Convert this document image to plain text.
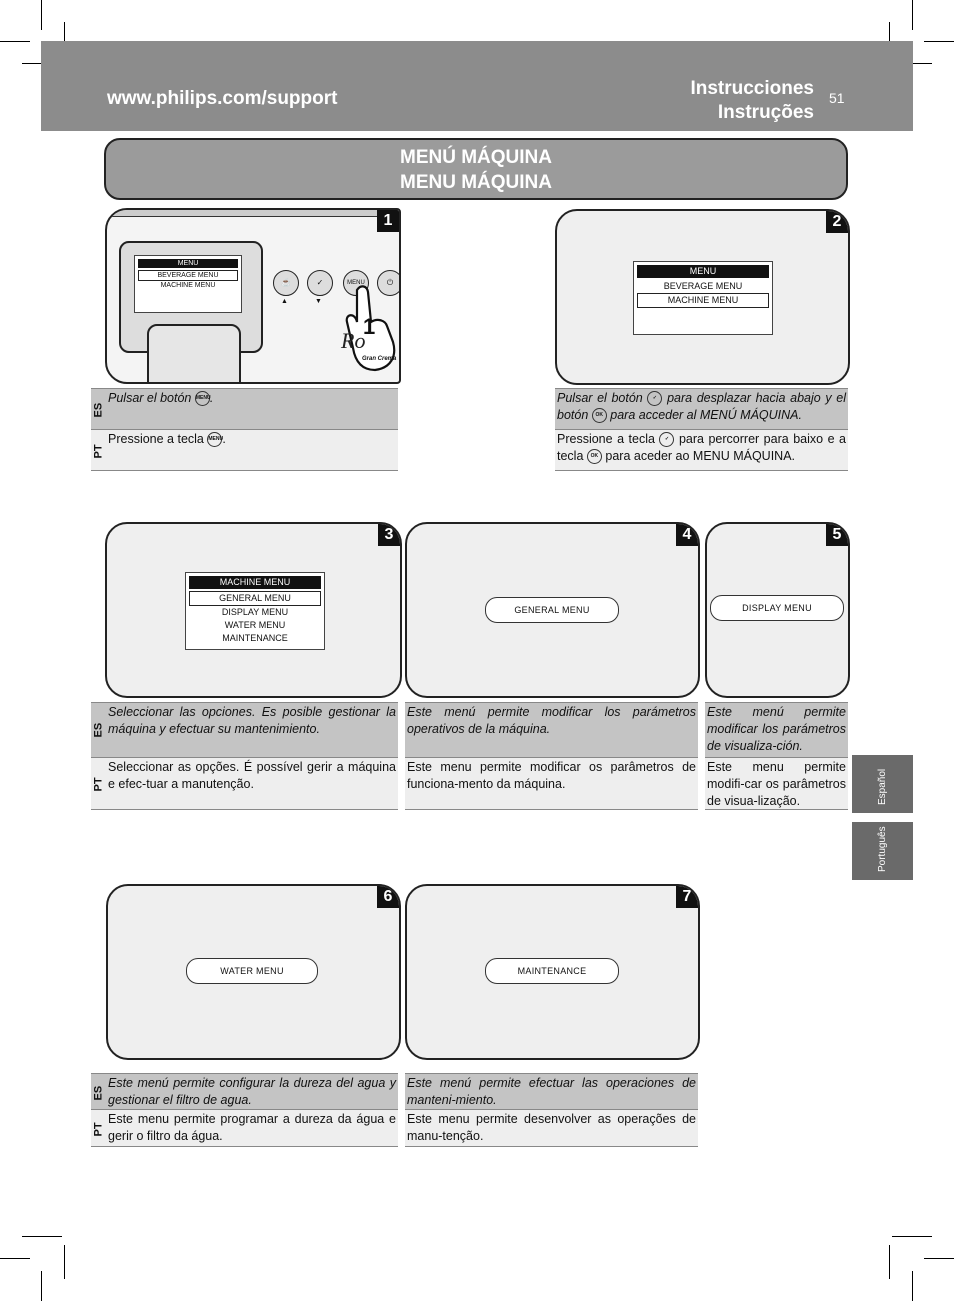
www.philips.com/support	Instrucciones
Instruções
51
MENÚ MÁQUINA
MENU MÁQUINA
Español
Português
MENU
BEVERAGE MENU
MACHINE MENU	☕	✓	MENU	⏻
▲	▼
1
Ro
Gran Crema
1
ES
Pulsar el botón MENU.
PT
Pressione a tecla MENU.
MENU
BEVERAGE MENU
MACHINE MENU
2
Pulsar el botón ✓ para desplazar hacia abajo y el botón OK para acceder al MENÚ MÁQUINA.
Pressione a tecla ✓ para percorrer para baixo e a tecla OK para aceder ao MENU MÁQUINA.
MACHINE MENU
GENERAL MENU
DISPLAY MENU
WATER MENU
MAINTENANCE
3
ES
Seleccionar las opciones. Es posible gestionar la máquina y efectuar su mantenimiento.
PT
Seleccionar as opções. É possível gerir a máquina e efec-tuar a manutenção.
GENERAL MENU
4
Este menú permite modificar los parámetros operativos de la máquina.
Este menu permite modificar os parâmetros de funciona-mento da máquina.
DISPLAY MENU
5
Este menú permite modificar los parámetros de visualiza-ción.
Este menu permite modifi-car os parâmetros de visua-lização.
WATER MENU
6
ES
Este menú permite configurar la dureza del agua y gestionar el filtro de agua.
PT
Este menu permite programar a dureza da água e gerir o filtro da água.
MAINTENANCE
7
Este menú permite efectuar las operaciones de manteni-miento.
Este menu permite desenvolver as operações de manu-tenção.
